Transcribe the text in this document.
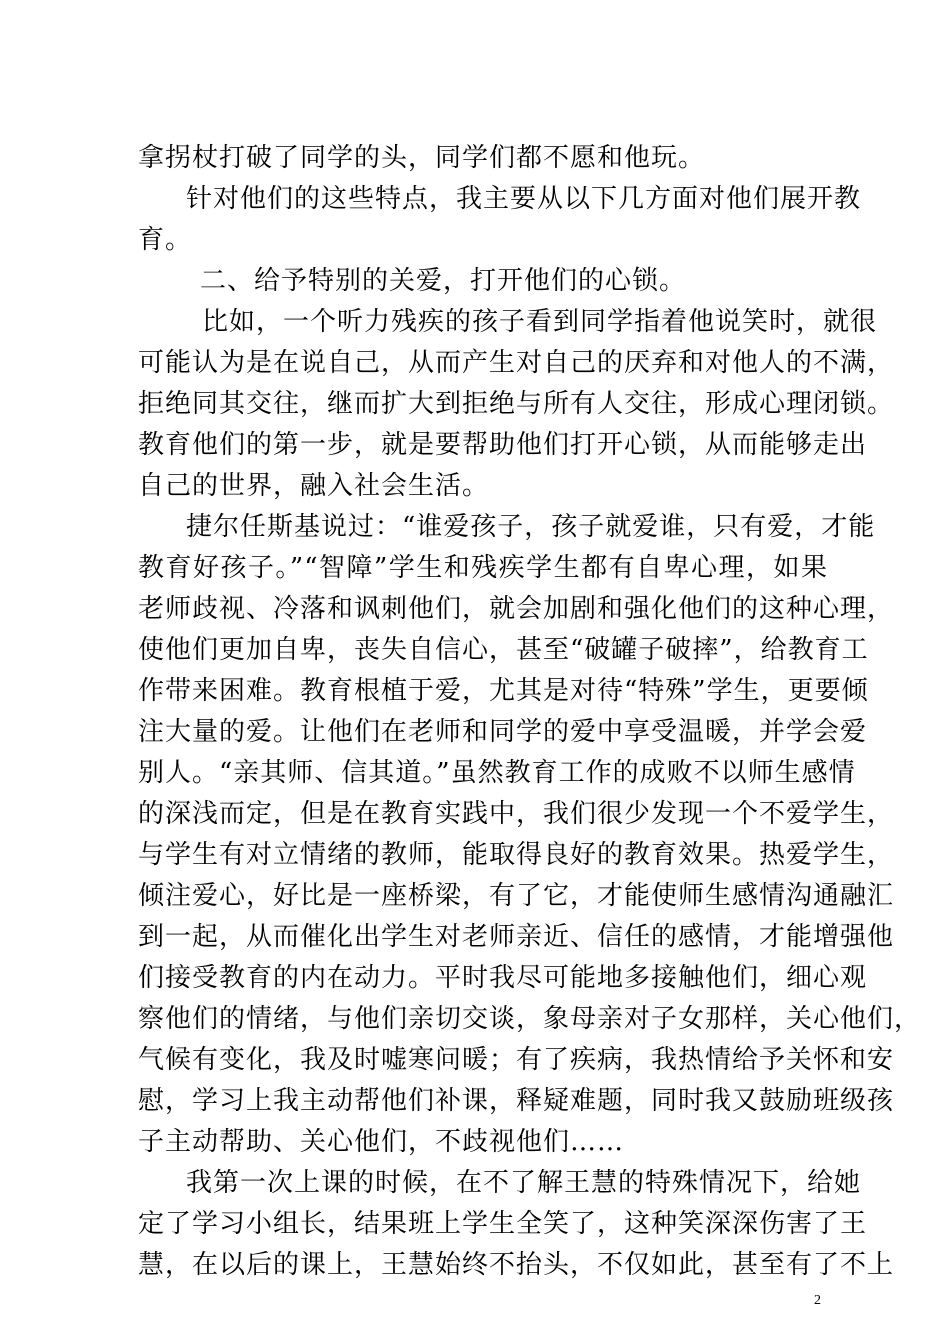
拿拐杖打破了同学的头，同学们都不愿和他玩。
针对他们的这些特点，我主要从以下几方面对他们展开教
育。
二、给予特别的关爱，打开他们的心锁。
比如，一个听力残疾的孩子看到同学指着他说笑时，就很
可能认为是在说自己，从而产生对自己的厌弃和对他人的不满，
拒绝同其交往，继而扩大到拒绝与所有人交往，形成心理闭锁。
教育他们的第一步，就是要帮助他们打开心锁，从而能够走出
自己的世界，融入社会生活。
捷尔任斯基说过：“谁爱孩子，孩子就爱谁，只有爱，才能
教育好孩子。”“智障”学生和残疾学生都有自卑心理，如果
老师歧视、冷落和讽刺他们，就会加剧和强化他们的这种心理，
使他们更加自卑，丧失自信心，甚至“破罐子破摔”，给教育工
作带来困难。教育根植于爱，尤其是对待“特殊”学生，更要倾
注大量的爱。让他们在老师和同学的爱中享受温暖，并学会爱
别人。“亲其师、信其道。”虽然教育工作的成败不以师生感情
的深浅而定，但是在教育实践中，我们很少发现一个不爱学生，
与学生有对立情绪的教师，能取得良好的教育效果。热爱学生，
倾注爱心，好比是一座桥梁，有了它，才能使师生感情沟通融汇
到一起，从而催化出学生对老师亲近、信任的感情，才能增强他
们接受教育的内在动力。平时我尽可能地多接触他们，细心观
察他们的情绪，与他们亲切交谈，象母亲对子女那样，关心他们，
气候有变化，我及时嘘寒问暖；有了疾病，我热情给予关怀和安
慰，学习上我主动帮他们补课，释疑难题，同时我又鼓励班级孩
子主动帮助、关心他们，不歧视他们……
我第一次上课的时候，在不了解王慧的特殊情况下，给她
定了学习小组长，结果班上学生全笑了，这种笑深深伤害了王
慧，在以后的课上，王慧始终不抬头，不仅如此，甚至有了不上
2
